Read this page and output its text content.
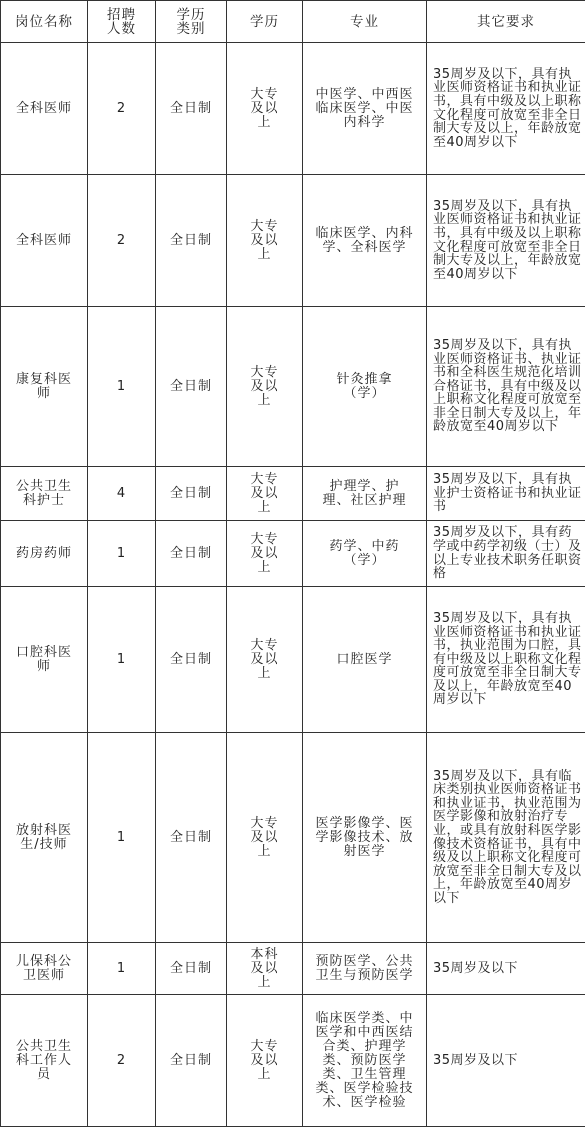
岗位名称	招聘人数	学历类别	学历	专业	其它要求
全科医师	2	全日制	大专及以上	中医学、中西医临床医学、中医内科学	35周岁及以下，具有执业医师资格证书和执业证书，具有中级及以上职称文化程度可放宽至非全日制大专及以上，年龄放宽至40周岁以下
全科医师	2	全日制	大专及以上	临床医学、内科学、全科医学	35周岁及以下，具有执业医师资格证书和执业证书，具有中级及以上职称文化程度可放宽至非全日制大专及以上，年龄放宽至40周岁以下
康复科医师	1	全日制	大专及以上	针灸推拿（学）	35周岁及以下，具有执业医师资格证书、执业证书和全科医生规范化培训合格证书，具有中级及以上职称文化程度可放宽至非全日制大专及以上，年龄放宽至40周岁以下
公共卫生科护士	4	全日制	大专及以上	护理学、护理、社区护理	35周岁及以下，具有执业护士资格证书和执业证书
药房药师	1	全日制	大专及以上	药学、中药（学）	35周岁及以下，具有药学或中药学初级（士）及以上专业技术职务任职资格
口腔科医师	1	全日制	大专及以上	口腔医学	35周岁及以下，具有执业医师资格证书和执业证书，执业范围为口腔，具有中级及以上职称文化程度可放宽至非全日制大专及以上，年龄放宽至40周岁以下
放射科医生/技师	1	全日制	大专及以上	医学影像学、医学影像技术、放射医学	35周岁及以下，具有临床类别执业医师资格证书和执业证书，执业范围为医学影像和放射治疗专业，或具有放射科医学影像技术资格证书，具有中级及以上职称文化程度可放宽至非全日制大专及以上，年龄放宽至40周岁以下
儿保科公卫医师	1	全日制	本科及以上	预防医学、公共卫生与预防医学	35周岁及以下
公共卫生科工作人员	2	全日制	大专及以上	临床医学类、中医学和中西医结合类、护理学类、预防医学类、卫生管理类、医学检验技术、医学检验	35周岁及以下
